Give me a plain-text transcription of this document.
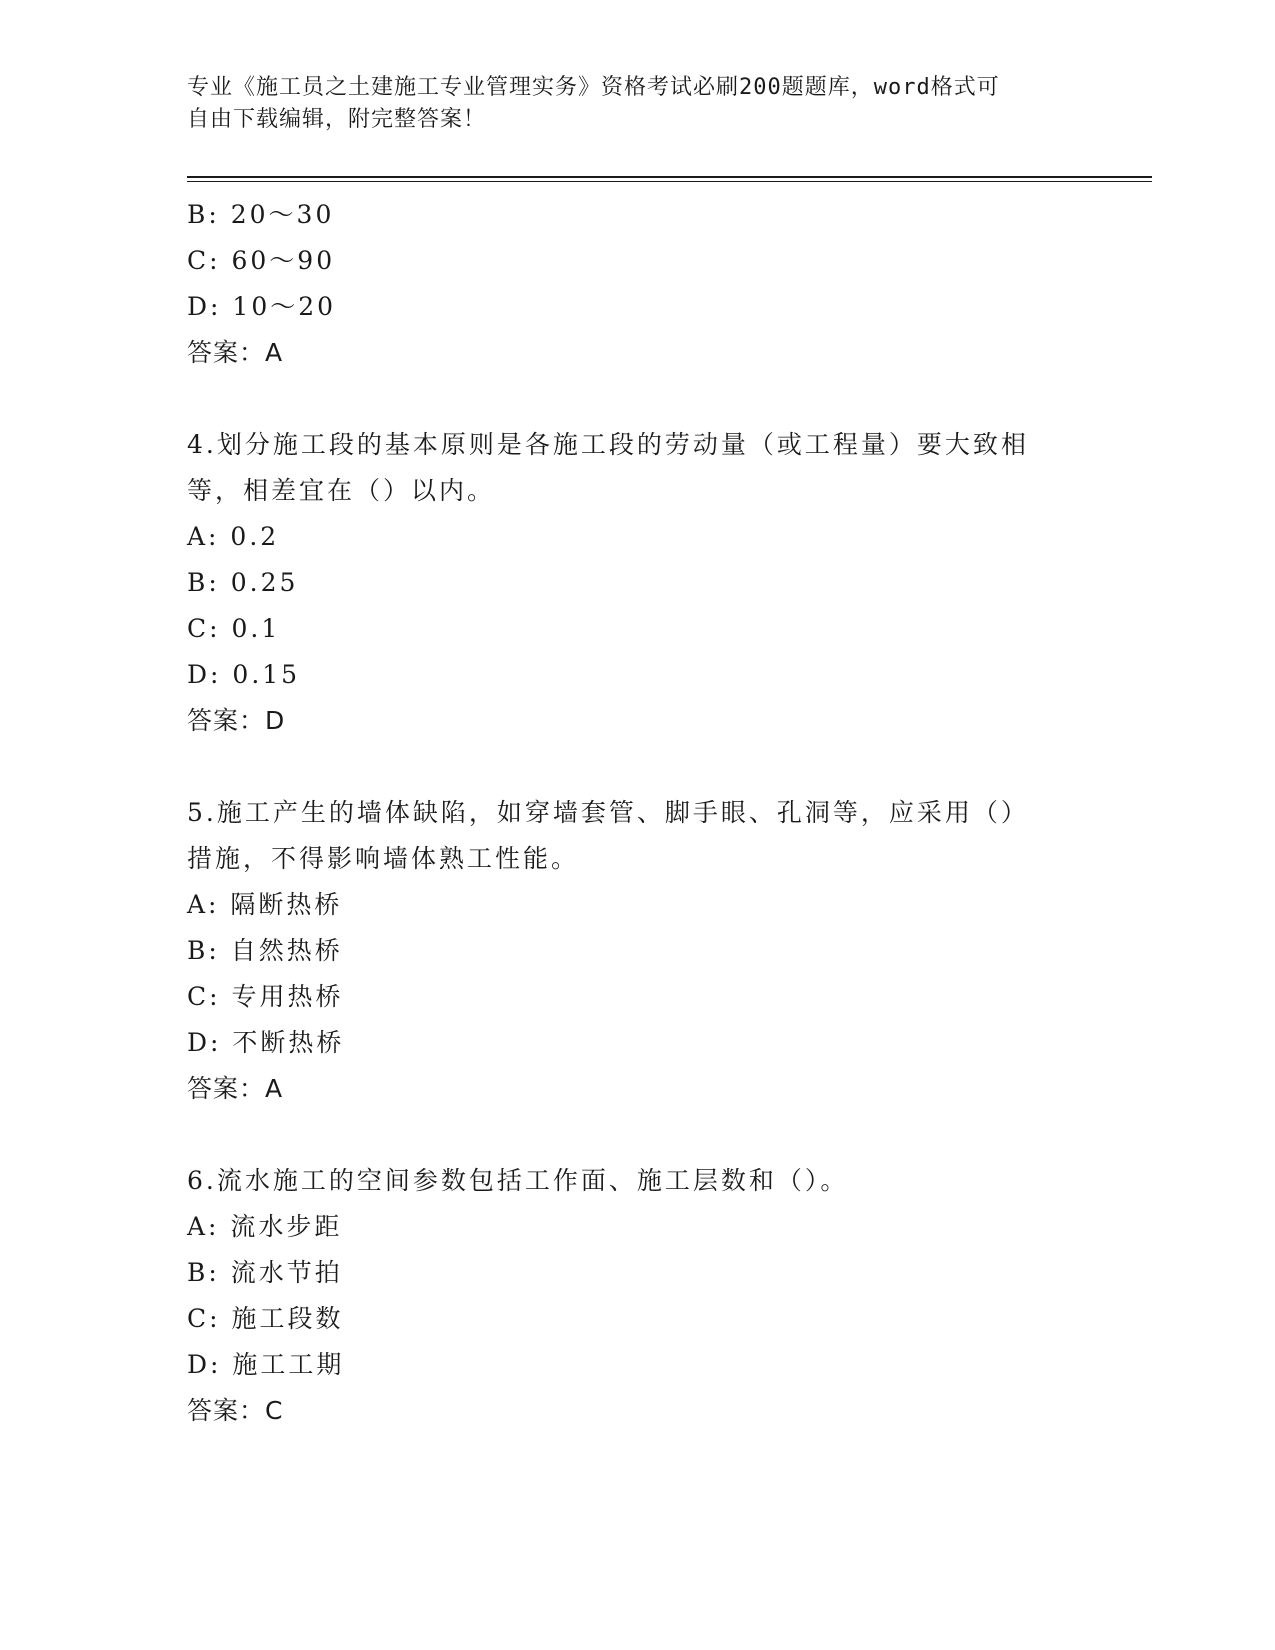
专业《施工员之土建施工专业管理实务》资格考试必刷200题题库，word格式可
自由下载编辑，附完整答案！
B: 20～30
C: 60～90
D: 10～20
答案：A
4.划分施工段的基本原则是各施工段的劳动量（或工程量）要大致相
等，相差宜在（）以内。
A: 0.2
B: 0.25
C: 0.1
D: 0.15
答案：D
5.施工产生的墙体缺陷，如穿墙套管、脚手眼、孔洞等，应采用（）
措施，不得影响墙体熟工性能。
A: 隔断热桥
B: 自然热桥
C: 专用热桥
D: 不断热桥
答案：A
6.流水施工的空间参数包括工作面、施工层数和（）。
A: 流水步距
B: 流水节拍
C: 施工段数
D: 施工工期
答案：C
